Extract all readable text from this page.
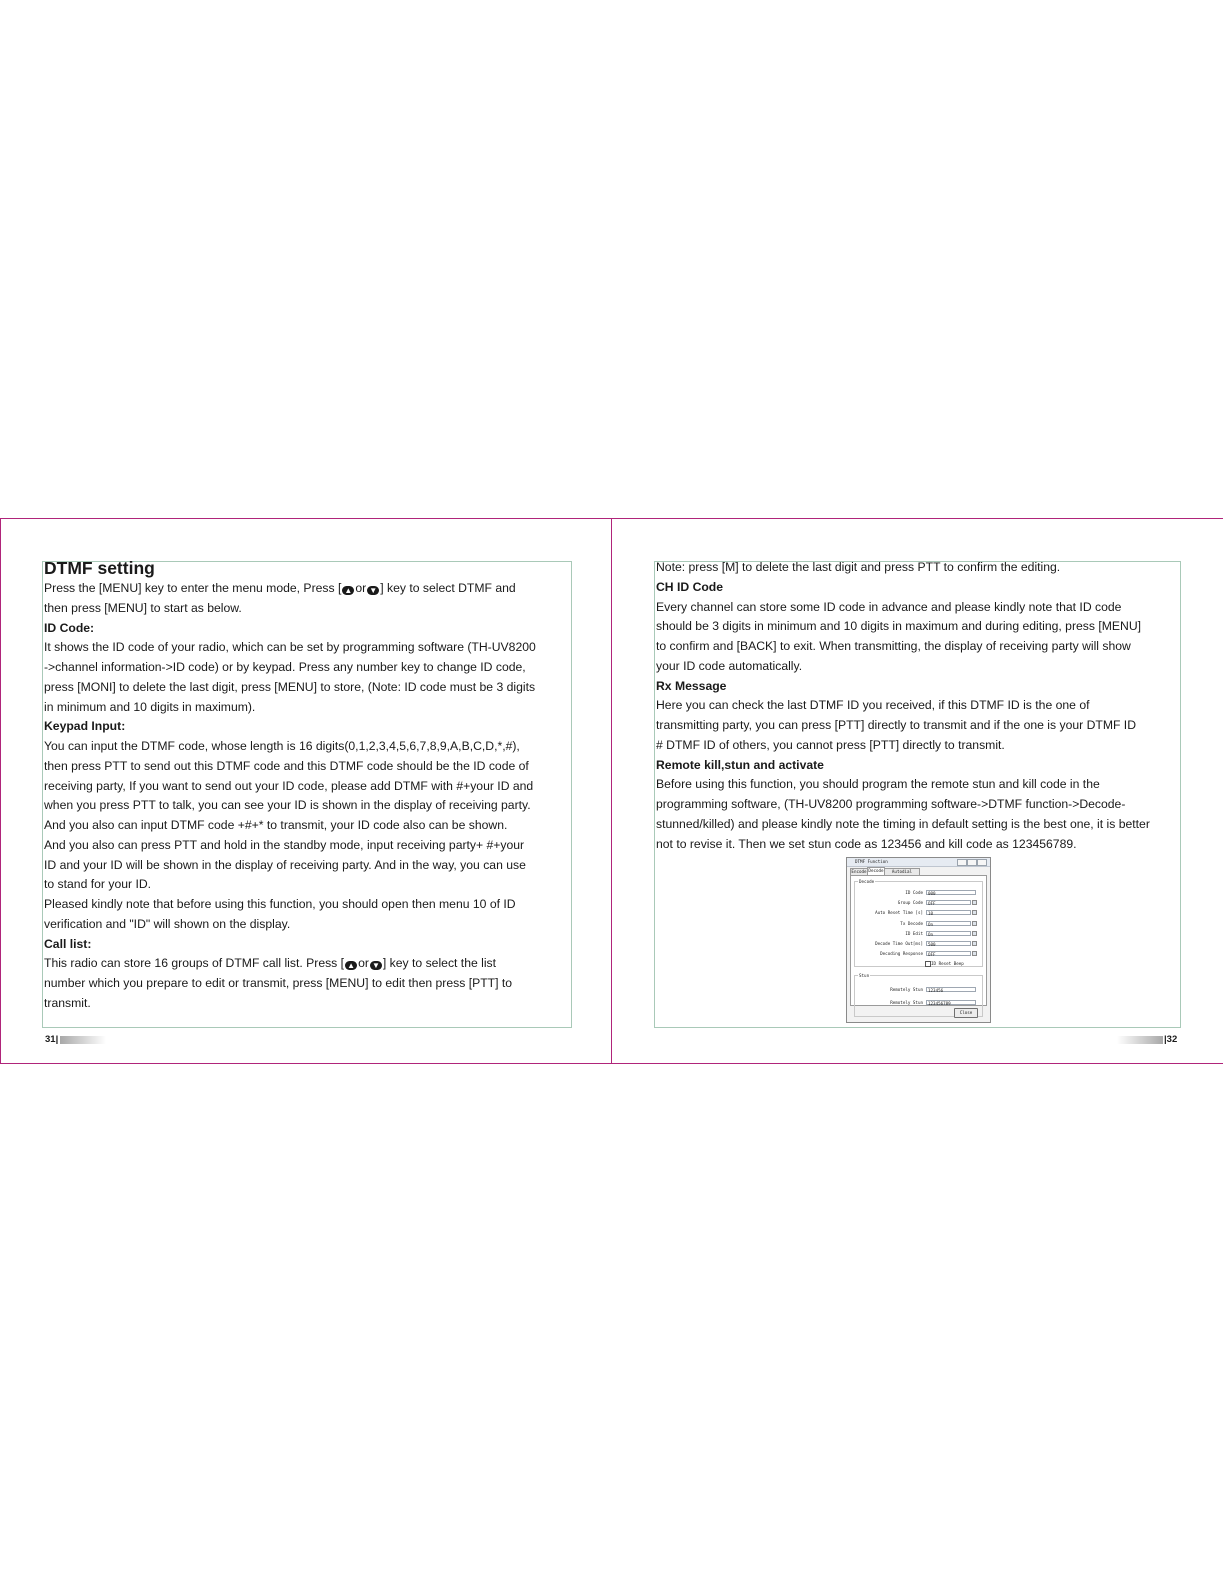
DTMF setting

Press the [MENU] key to enter the menu mode, Press [ ▲ or ▼ ] key to select DTMF and

then press [MENU] to start as below.

ID Code:

It shows the ID code of your radio, which can be set by programming software (TH-UV8200

->channel information->ID code) or by keypad. Press any number key to change ID code,

press [MONI] to delete the last digit, press [MENU] to store, (Note: ID code must be 3 digits

in minimum and 10 digits in maximum).

Keypad Input:

You can input the DTMF code, whose length is 16 digits(0,1,2,3,4,5,6,7,8,9,A,B,C,D,*,#),

then press PTT to send out this DTMF code and this DTMF code should be the ID code of

receiving party, If you want to send out your ID code, please add DTMF with #+your ID and

when you press PTT to talk, you can see your ID is shown in the display of receiving party.

And you also can input DTMF code +#+* to transmit, your ID code also can be shown.

And you also can press PTT and hold in the standby mode, input receiving party+ #+your

ID and your ID will be shown in the display of receiving party. And in the way, you can use

to stand for your ID.

Pleased kindly note that before using this function, you should open then menu 10 of ID

verification and "ID" will shown on the display.

Call list:

This radio can store 16 groups of DTMF call list. Press [ ▲ or ▼ ] key to select the list

number which you prepare to edit or transmit, press [MENU] to edit then press [PTT] to

transmit.

31|

Note: press [M] to delete the last digit and press PTT to confirm the editing.

CH ID Code

Every channel can store some ID code in advance and please kindly note that ID code

should be 3 digits in minimum and 10 digits in maximum and during editing, press [MENU]

to confirm and [BACK] to exit. When transmitting, the display of receiving party will show

your ID code automatically.

Rx Message

Here you can check the last DTMF ID you received, if this DTMF ID is the one of

transmitting party, you can press [PTT] directly to transmit and if the one is your DTMF ID

# DTMF ID of others, you cannot press [PTT] directly to transmit.

Remote kill,stun and activate

Before using this function, you should program the remote stun and kill code in the

programming software, (TH-UV8200 programming software->DTMF function->Decode-

stunned/killed) and please kindly note the timing in default setting is the best one, it is better

not to revise it. Then we set stun code as 123456 and kill code as 123456789.

DTMF Function
Encode Decode	Autodial
Decode
ID Code	000
Group Code	OFF
Auto Reset Time [s]	10
Tx Decode	On
ID Edit	On
Decode Time Out[ms]	500
Decoding Response	OFF
ID Reset Beep
Stun
Remotely Stun	123456
Remotely Stun	123456789
Close
|32
